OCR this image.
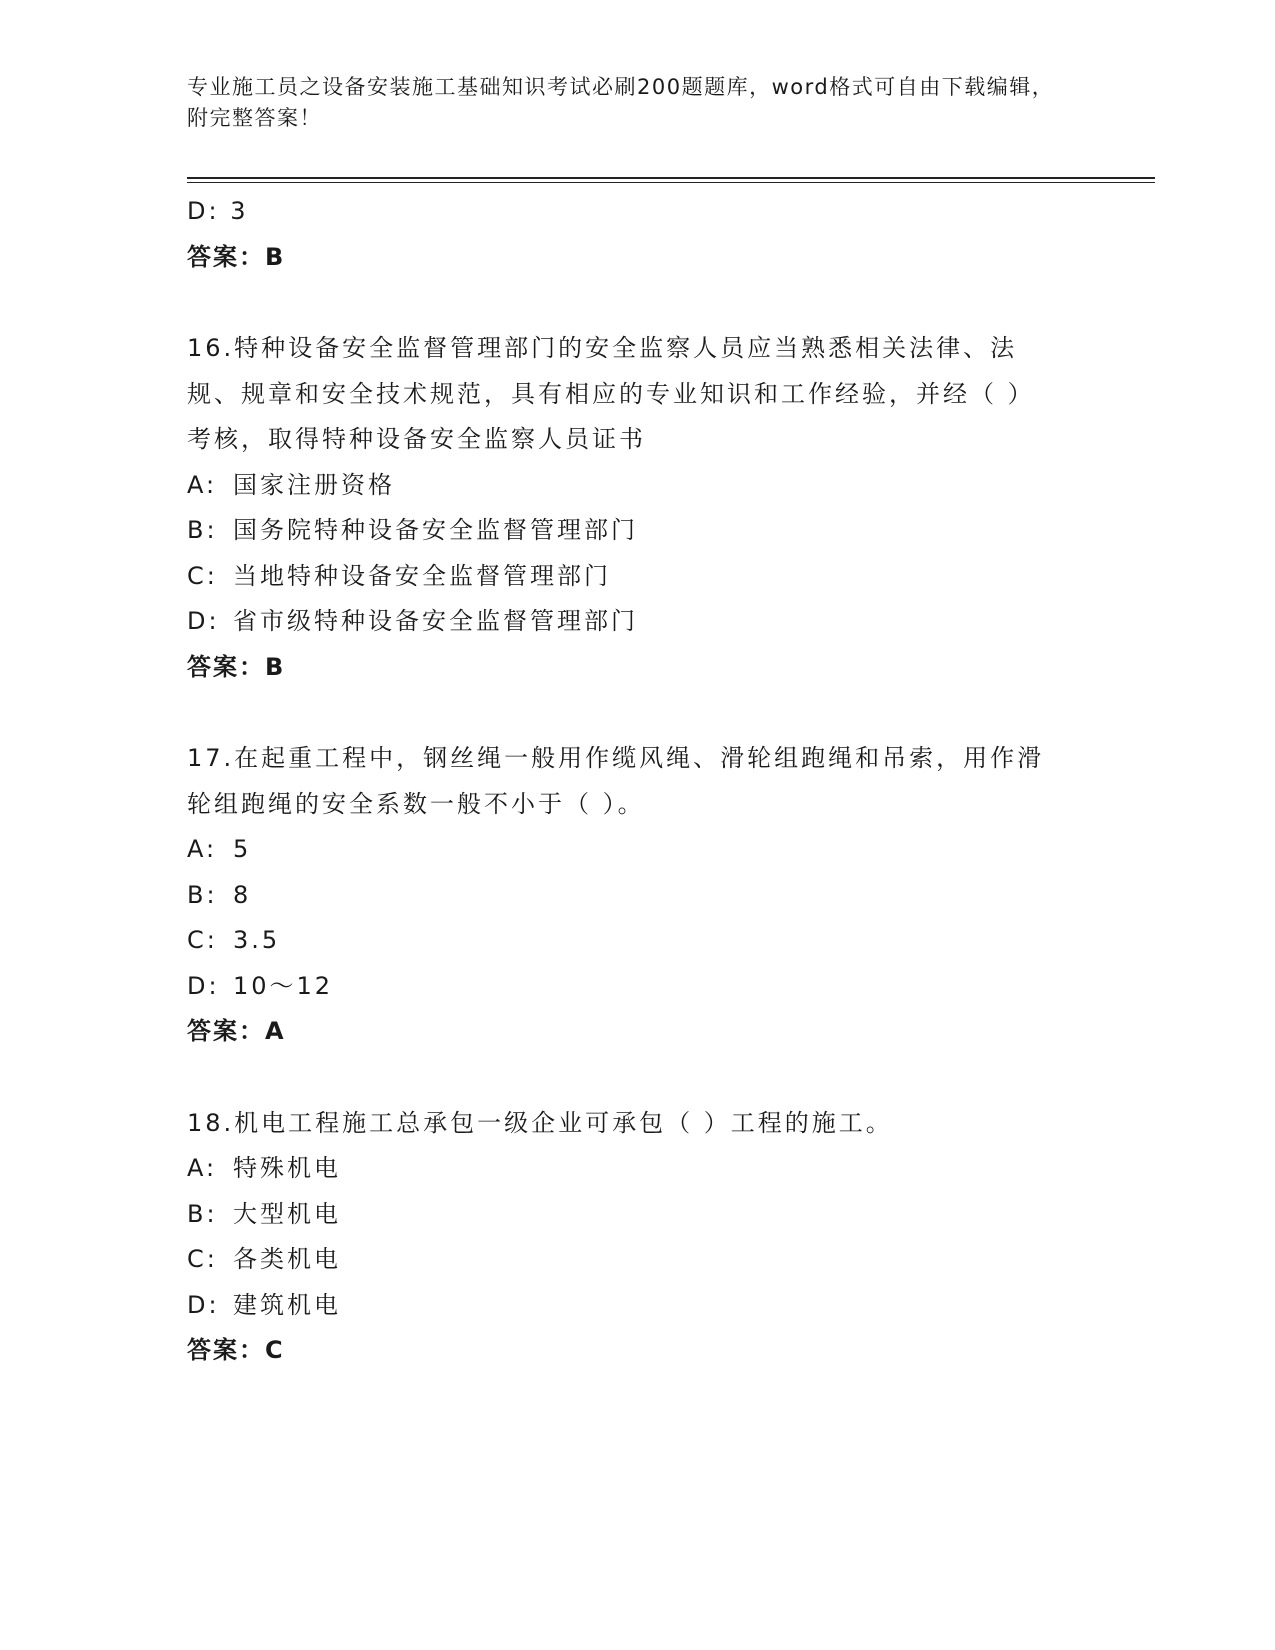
专业施工员之设备安装施工基础知识考试必刷200题题库，word格式可自由下载编辑，附完整答案！
D: 3
答案：B
16.特种设备安全监督管理部门的安全监察人员应当熟悉相关法律、法规、规章和安全技术规范，具有相应的专业知识和工作经验，并经（ ）考核，取得特种设备安全监察人员证书
A: 国家注册资格
B: 国务院特种设备安全监督管理部门
C: 当地特种设备安全监督管理部门
D: 省市级特种设备安全监督管理部门
答案：B
17.在起重工程中，钢丝绳一般用作缆风绳、滑轮组跑绳和吊索，用作滑轮组跑绳的安全系数一般不小于（ ）。
A: 5
B: 8
C: 3.5
D: 10～12
答案：A
18.机电工程施工总承包一级企业可承包（ ）工程的施工。
A: 特殊机电
B: 大型机电
C: 各类机电
D: 建筑机电
答案：C
